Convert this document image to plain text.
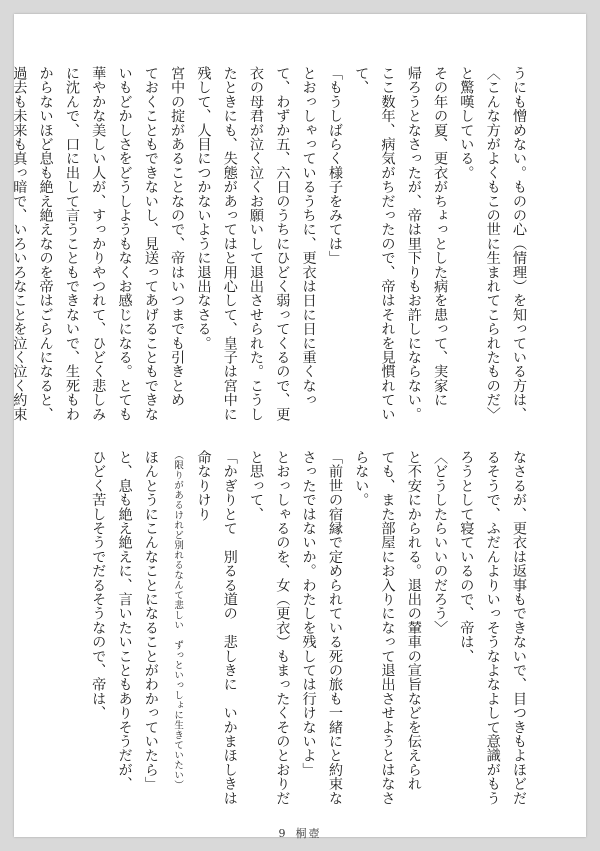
うにも憎めない。ものの心（情理）を知っている方は、
〈こんな方がよくもこの世に生まれてこられたものだ〉
と驚嘆している。
その年の夏、更衣がちょっとした病を患って、実家に
帰ろうとなさったが、帝は里下りもお許しにならない。
ここ数年、病気がちだったので、帝はそれを見慣れてい
て、
「もうしばらく様子をみては」
とおっしゃっているうちに、更衣は日に日に重くなっ
て、わずか五、六日のうちにひどく弱ってくるので、更
衣の母君が泣く泣くお願いして退出させられた。こうし
たときにも、失態があってはと用心して、皇子は宮中に
残して、人目につかないように退出なさる。
宮中の掟があることなので、帝はいつまでも引きとめ
ておくこともできないし、見送ってあげることもできな
いもどかしさをどうしようもなくお感じになる。とても
華やかな美しい人が、すっかりやつれて、ひどく悲しみ
に沈んで、口に出して言うこともできないで、生死もわ
からないほど息も絶え絶えなのを帝はごらんになると、
過去も未来も真っ暗で、いろいろなことを泣く泣く約束
なさるが、更衣は返事もできないで、目つきもよほどだ
るそうで、ふだんよりいっそうなよなよして意識がもう
ろうとして寝ているので、帝は、
〈どうしたらいいのだろう〉
と不安にかられる。退出の輦車の宣旨などを伝えられ
ても、また部屋にお入りになって退出させようとはなさ
らない。
「前世の宿縁で定められている死の旅も一緒にと約束な
さったではないか。わたしを残しては行けないよ」
とおっしゃるのを、女（更衣）もまったくそのとおりだ
と思って、
「かぎりとて　別るる道の　悲しきに　いかまほしきは
命なりけり
（限りがあるけれど別れるなんて悲しい　ずっといっしょに生きていたい）
ほんとうにこんなことになることがわかっていたら」
と、息も絶え絶えに、言いたいこともありそうだが、
ひどく苦しそうでだるそうなので、帝は、
9 桐壺
